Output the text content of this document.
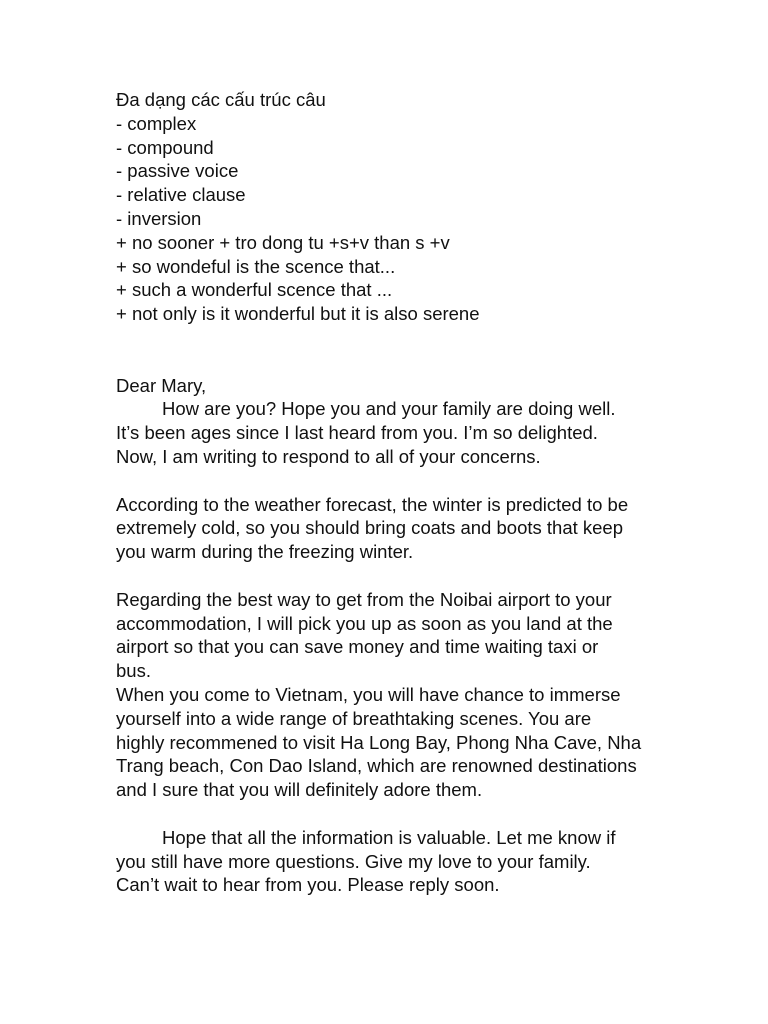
Đa dạng các cấu trúc câu
- complex
- compound
- passive voice
- relative clause
- inversion
+ no sooner + tro dong tu +s+v than s +v
+ so wondeful is the scence that...
+ such a wonderful scence that ...
+ not only is it wonderful but it is also serene
Dear Mary,
How are you? Hope you and your family are doing well.
It’s been ages since I last heard from you. I’m so delighted.
Now, I am writing to respond to all of your concerns.
According to the weather forecast, the winter is predicted to be
extremely cold, so you should bring coats and boots that keep
you warm during the freezing winter.
Regarding the best way to get from the Noibai airport to your
accommodation, I will pick you up as soon as you land at the
airport so that you can save money and time waiting taxi or
bus.
When you come to Vietnam, you will have chance to immerse
yourself into a wide range of breathtaking scenes. You are
highly recommened to visit Ha Long Bay, Phong Nha Cave, Nha
Trang beach, Con Dao Island, which are renowned destinations
and I sure that you will definitely adore them.
Hope that all the information is valuable. Let me know if
you still have more questions. Give my love to your family.
Can’t wait to hear from you. Please reply soon.
